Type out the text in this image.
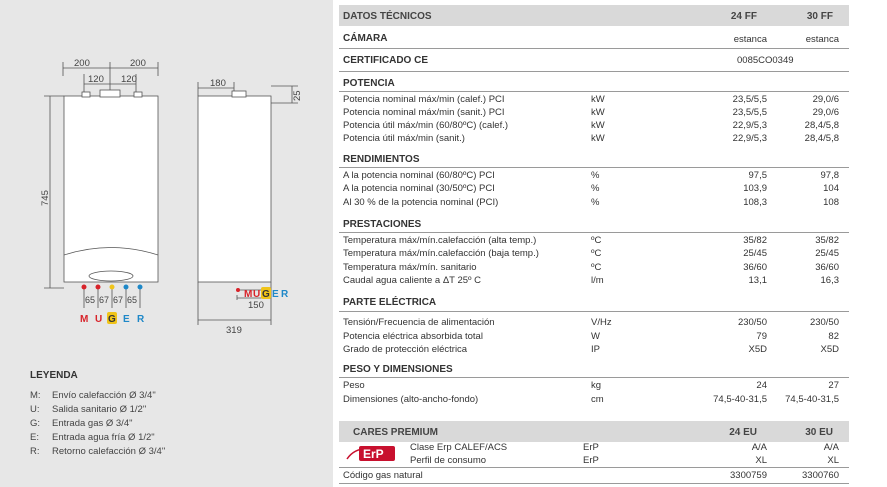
200	200
120 120
745
65 67 67 65
M U G E R
180
25
M U G E R
150
319
LEYENDA
M: Envío calefacción Ø 3/4"
U: Salida sanitario Ø 1/2"
G: Entrada gas Ø 3/4"
E: Entrada agua fría Ø 1/2"
R: Retorno calefacción Ø 3/4"
DATOS TÉCNICOS	24 FF	30 FF
CÁMARA	estanca	estanca
CERTIFICADO CE	0085CO0349
POTENCIA
Potencia nominal máx/min (calef.) PCI	kW	23,5/5,5	29,0/6
Potencia nominal máx/min (sanit.) PCI	kW	23,5/5,5	29,0/6
Potencia útil máx/min (60/80ºC) (calef.)	kW	22,9/5,3	28,4/5,8
Potencia útil máx/min (sanit.)	kW	22,9/5,3	28,4/5,8
RENDIMIENTOS
A la potencia nominal (60/80ºC) PCI	%	97,5	97,8
A la potencia nominal (30/50ºC) PCI	%	103,9	104
Al 30 % de la potencia nominal (PCI)	%	108,3	108
PRESTACIONES
Temperatura máx/mín.calefacción (alta temp.)	ºC	35/82	35/82
Temperatura máx/mín.calefacción (baja temp.)	ºC	25/45	25/45
Temperatura máx/mín. sanitario	ºC	36/60	36/60
Caudal agua caliente a ΔT 25º C	l/m	13,1	16,3
PARTE ELÉCTRICA
Tensión/Frecuencia de alimentación	V/Hz	230/50	230/50
Potencia eléctrica absorbida total	W	79	82
Grado de protección eléctrica	IP	X5D	X5D
PESO Y DIMENSIONES
Peso	kg	24	27
Dimensiones (alto-ancho-fondo)	cm	74,5-40-31,5 74,5-40-31,5
CARES PREMIUM	24 EU	30 EU
ErP	Clase Erp CALEF/ACS	ErP	A/A	A/A
Perfil de consumo	ErP	XL	XL
Código gas natural	3300759	3300760
